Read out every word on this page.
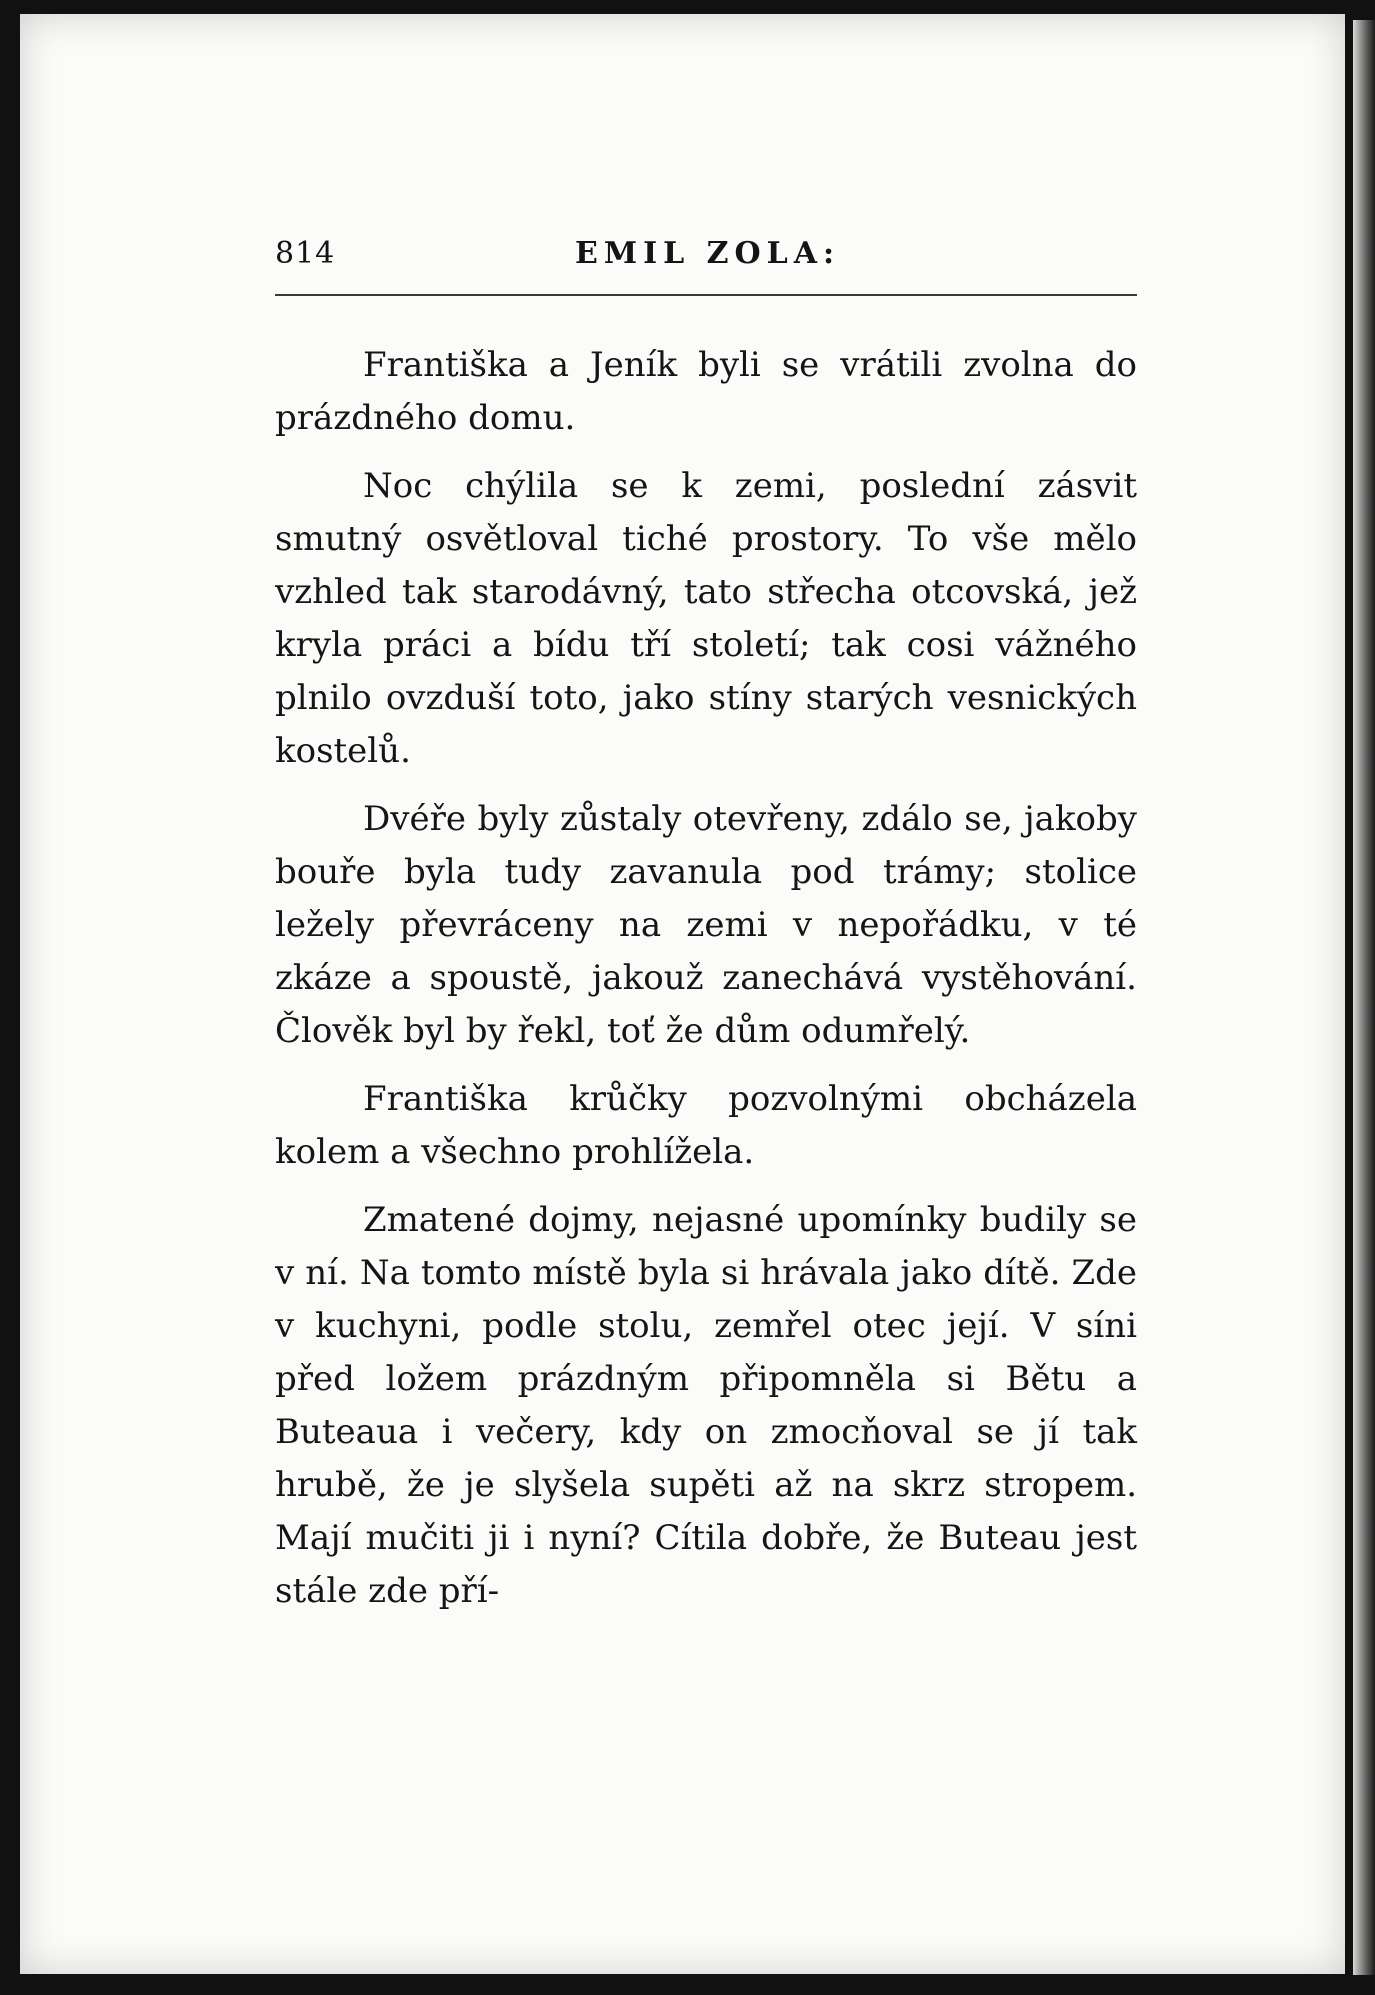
814	EMIL ZOLA:

Františka a Jeník byli se vrátili zvolna do prázdného domu.

Noc chýlila se k zemi, poslední zásvit smutný osvětloval tiché prostory. To vše mělo vzhled tak starodávný, tato střecha otcovská, jež kryla práci a bídu tří století; tak cosi vážného plnilo ovzduší toto, jako stíny starých vesnických kostelů.

Dvéře byly zůstaly otevřeny, zdálo se, jakoby bouře byla tudy zavanula pod trámy; stolice ležely převráceny na zemi v nepořádku, v té zkáze a spoustě, jakouž zanechává vystěhování. Člověk byl by řekl, toť že dům odumřelý.

Františka krůčky pozvolnými obcházela kolem a všechno prohlížela.

Zmatené dojmy, nejasné upomínky budily se v ní. Na tomto místě byla si hrávala jako dítě. Zde v kuchyni, podle stolu, zemřel otec její. V síni před ložem prázdným připomněla si Bětu a Buteaua i večery, kdy on zmocňoval se jí tak hrubě, že je slyšela supěti až na skrz stropem. Mají mučiti ji i nyní? Cítila dobře, že Buteau jest stále zde pří-
